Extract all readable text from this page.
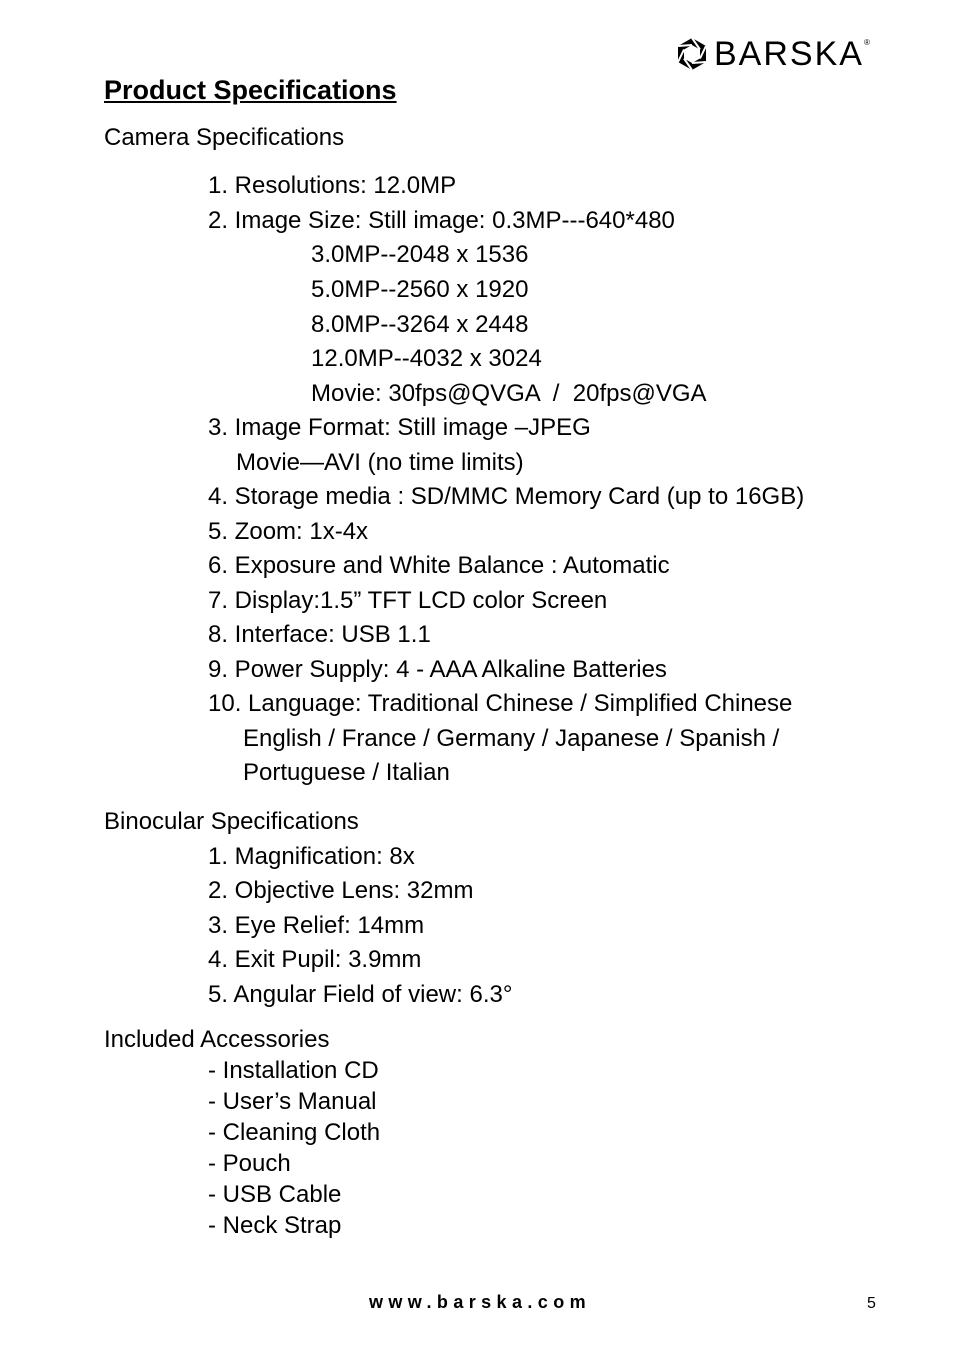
BARSKA ®
Product Specifications
Camera Specifications
1. Resolutions: 12.0MP
2. Image Size: Still image: 0.3MP---640*480
3.0MP--2048 x 1536
5.0MP--2560 x 1920
8.0MP--3264 x 2448
12.0MP--4032 x 3024
Movie: 30fps@QVGA  /  20fps@VGA
3. Image Format: Still image –JPEG
Movie—AVI (no time limits)
4. Storage media : SD/MMC Memory Card (up to 16GB)
5. Zoom: 1x-4x
6. Exposure and White Balance : Automatic
7. Display:1.5” TFT LCD color Screen
8. Interface: USB 1.1
9. Power Supply: 4 - AAA Alkaline Batteries
10. Language: Traditional Chinese / Simplified Chinese
English / France / Germany / Japanese / Spanish /
Portuguese / Italian
Binocular Specifications
1. Magnification: 8x
2. Objective Lens: 32mm
3. Eye Relief: 14mm
4. Exit Pupil: 3.9mm
5. Angular Field of view: 6.3°
Included Accessories
- Installation CD
- User’s Manual
- Cleaning Cloth
- Pouch
- USB Cable
- Neck Strap
www.barska.com	5
